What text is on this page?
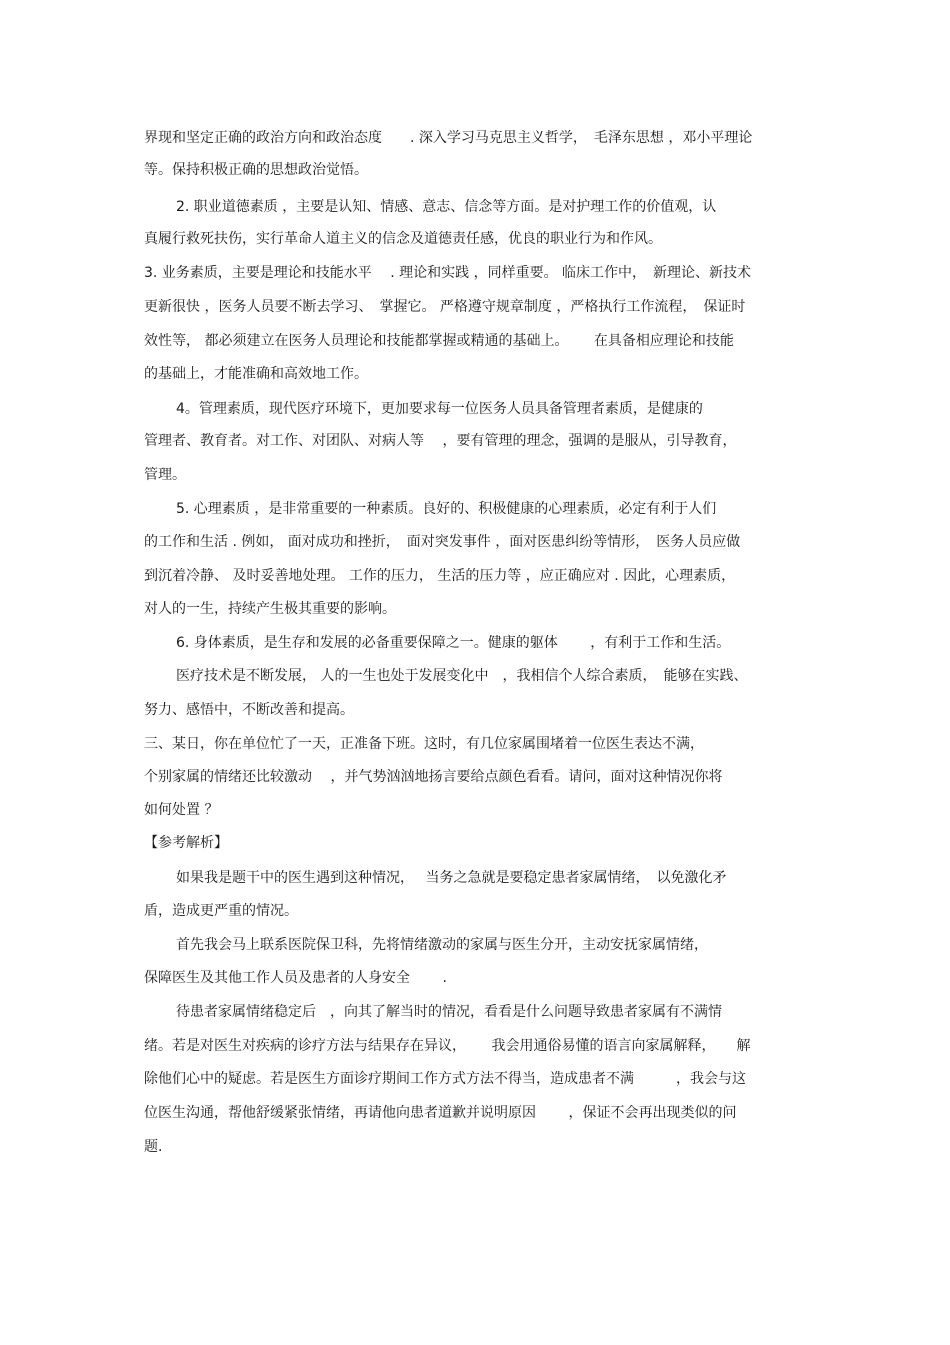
界现和坚定正确的政治方向和政治态度　　. 深入学习马克思主义哲学，　毛泽东思想 ，邓小平理论
等。保持积极正确的思想政治觉悟。
2. 职业道德素质 ，主要是认知、情感、意志、信念等方面。是对护理工作的价值观，认
真履行救死扶伤，实行革命人道主义的信念及道德责任感，优良的职业行为和作风。
3. 业务素质，主要是理论和技能水平　 . 理论和实践 ，同样重要。 临床工作中，　新理论、新技术
更新很快 ，医务人员要不断去学习、　掌握它。 严格遵守规章制度 ，严格执行工作流程，　保证时
效性等， 都必须建立在医务人员理论和技能都掌握或精通的基础上。　　 在具备相应理论和技能
的基础上，才能准确和高效地工作。
4。管理素质，现代医疗环境下，更加要求每一位医务人员具备管理者素质，是健康的
管理者、教育者。对工作、对团队、对病人等　 ，要有管理的理念，强调的是服从，引导教育，
管理。
5. 心理素质 ，是非常重要的一种素质。良好的、积极健康的心理素质，必定有利于人们
的工作和生活 . 例如， 面对成功和挫折，　面对突发事件 ，面对医患纠纷等情形，　医务人员应做
到沉着冷静、 及时妥善地处理。 工作的压力， 生活的压力等 ，应正确应对 . 因此，心理素质，
对人的一生，持续产生极其重要的影响。
6. 身体素质，是生存和发展的必备重要保障之一。健康的躯体　　 ，有利于工作和生活。
医疗技术是不断发展， 人的一生也处于发展变化中　，我相信个人综合素质，　能够在实践、
努力、感悟中，不断改善和提高。
三、某日，你在单位忙了一天，正准备下班。这时，有几位家属围堵着一位医生表达不满，
个别家属的情绪还比较激动　 ，并气势汹汹地扬言要给点颜色看看。请问，面对这种情况你将
如何处置 ？
【参考解析】
如果我是题干中的医生遇到这种情况，　 当务之急就是要稳定患者家属情绪，　以免激化矛
盾，造成更严重的情况。
首先我会马上联系医院保卫科，先将情绪激动的家属与医生分开，主动安抚家属情绪，
保障医生及其他工作人员及患者的人身安全　　 .
待患者家属情绪稳定后　，向其了解当时的情况，看看是什么问题导致患者家属有不满情
绪。若是对医生对疾病的诊疗方法与结果存在异议，　　 我会用通俗易懂的语言向家属解释，　　解
除他们心中的疑虑。若是医生方面诊疗期间工作方式方法不得当，造成患者不满　　　，我会与这
位医生沟通，帮他舒缓紧张情绪，再请他向患者道歉并说明原因　　 ，保证不会再出现类似的问
题.
